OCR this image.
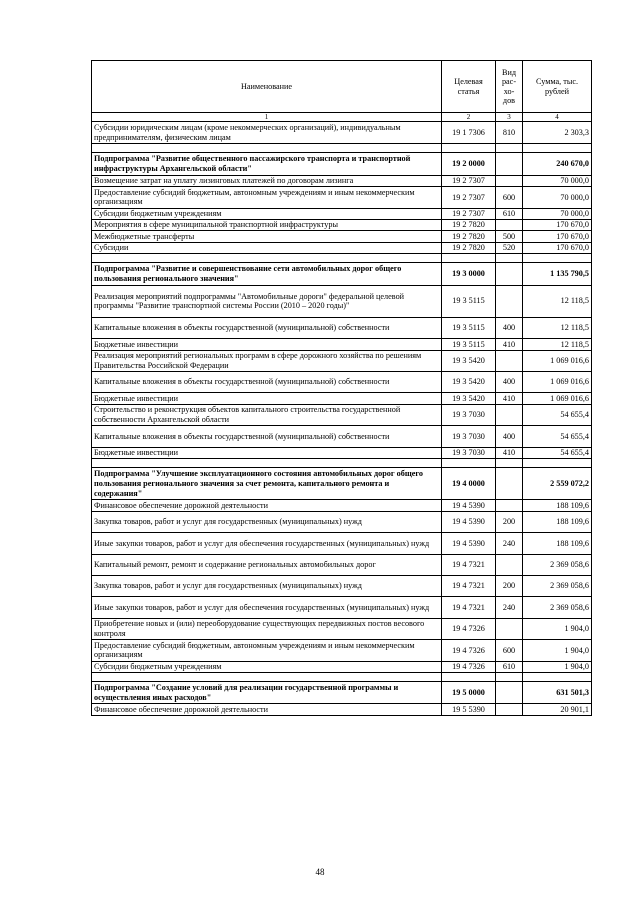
Наименование	Целевая статья	Вид рас-хо-дов	Сумма, тыс. рублей
1	2	3	4
Субсидии юридическим лицам (кроме некоммерческих организаций), индивидуальным предпринимателям, физическим лицам	19 1 7306	810	2 303,3

Подпрограмма "Развитие общественного пассажирского транспорта и транспортной инфраструктуры Архангельской области"	19 2 0000		240 670,0
Возмещение затрат на уплату лизинговых платежей по договорам лизинга	19 2 7307		70 000,0
Предоставление субсидий бюджетным, автономным учреждениям и иным некоммерческим организациям	19 2 7307	600	70 000,0
Субсидии бюджетным учреждениям	19 2 7307	610	70 000,0
Мероприятия в сфере муниципальной транспортной инфраструктуры	19 2 7820		170 670,0
Межбюджетные трансферты	19 2 7820	500	170 670,0
Субсидии	19 2 7820	520	170 670,0

Подпрограмма "Развитие и совершенствование сети автомобильных дорог общего пользования регионального значения"	19 3 0000		1 135 790,5
Реализация мероприятий подпрограммы "Автомобильные дороги" федеральной целевой программы "Развитие транспортной системы России (2010 – 2020 годы)"	19 3 5115		12 118,5
Капитальные вложения в объекты государственной (муниципальной) собственности	19 3 5115	400	12 118,5
Бюджетные инвестиции	19 3 5115	410	12 118,5
Реализация мероприятий региональных программ в сфере дорожного хозяйства по решениям Правительства Российской Федерации	19 3 5420		1 069 016,6
Капитальные вложения в объекты государственной (муниципальной) собственности	19 3 5420	400	1 069 016,6
Бюджетные инвестиции	19 3 5420	410	1 069 016,6
Строительство и реконструкция объектов капитального строительства государственной собственности Архангельской области	19 3 7030		54 655,4
Капитальные вложения в объекты государственной (муниципальной) собственности	19 3 7030	400	54 655,4
Бюджетные инвестиции	19 3 7030	410	54 655,4

Подпрограмма "Улучшение эксплуатационного состояния автомобильных дорог общего пользования регионального значения за счет ремонта, капитального ремонта и содержания"	19 4 0000		2 559 072,2
Финансовое обеспечение дорожной деятельности	19 4 5390		188 109,6
Закупка товаров, работ и услуг для государственных (муниципальных) нужд	19 4 5390	200	188 109,6
Иные закупки товаров, работ и услуг для обеспечения государственных (муниципальных) нужд	19 4 5390	240	188 109,6
Капитальный ремонт, ремонт и содержание региональных автомобильных дорог	19 4 7321		2 369 058,6
Закупка товаров, работ и услуг для государственных (муниципальных) нужд	19 4 7321	200	2 369 058,6
Иные закупки товаров, работ и услуг для обеспечения государственных (муниципальных) нужд	19 4 7321	240	2 369 058,6
Приобретение новых и (или) переоборудование существующих передвижных постов весового контроля	19 4 7326		1 904,0
Предоставление субсидий бюджетным, автономным учреждениям и иным некоммерческим организациям	19 4 7326	600	1 904,0
Субсидии бюджетным учреждениям	19 4 7326	610	1 904,0

Подпрограмма "Создание условий для реализации государственной программы и осуществления иных расходов"	19 5 0000		631 501,3
Финансовое обеспечение дорожной деятельности	19 5 5390		20 901,1
48
